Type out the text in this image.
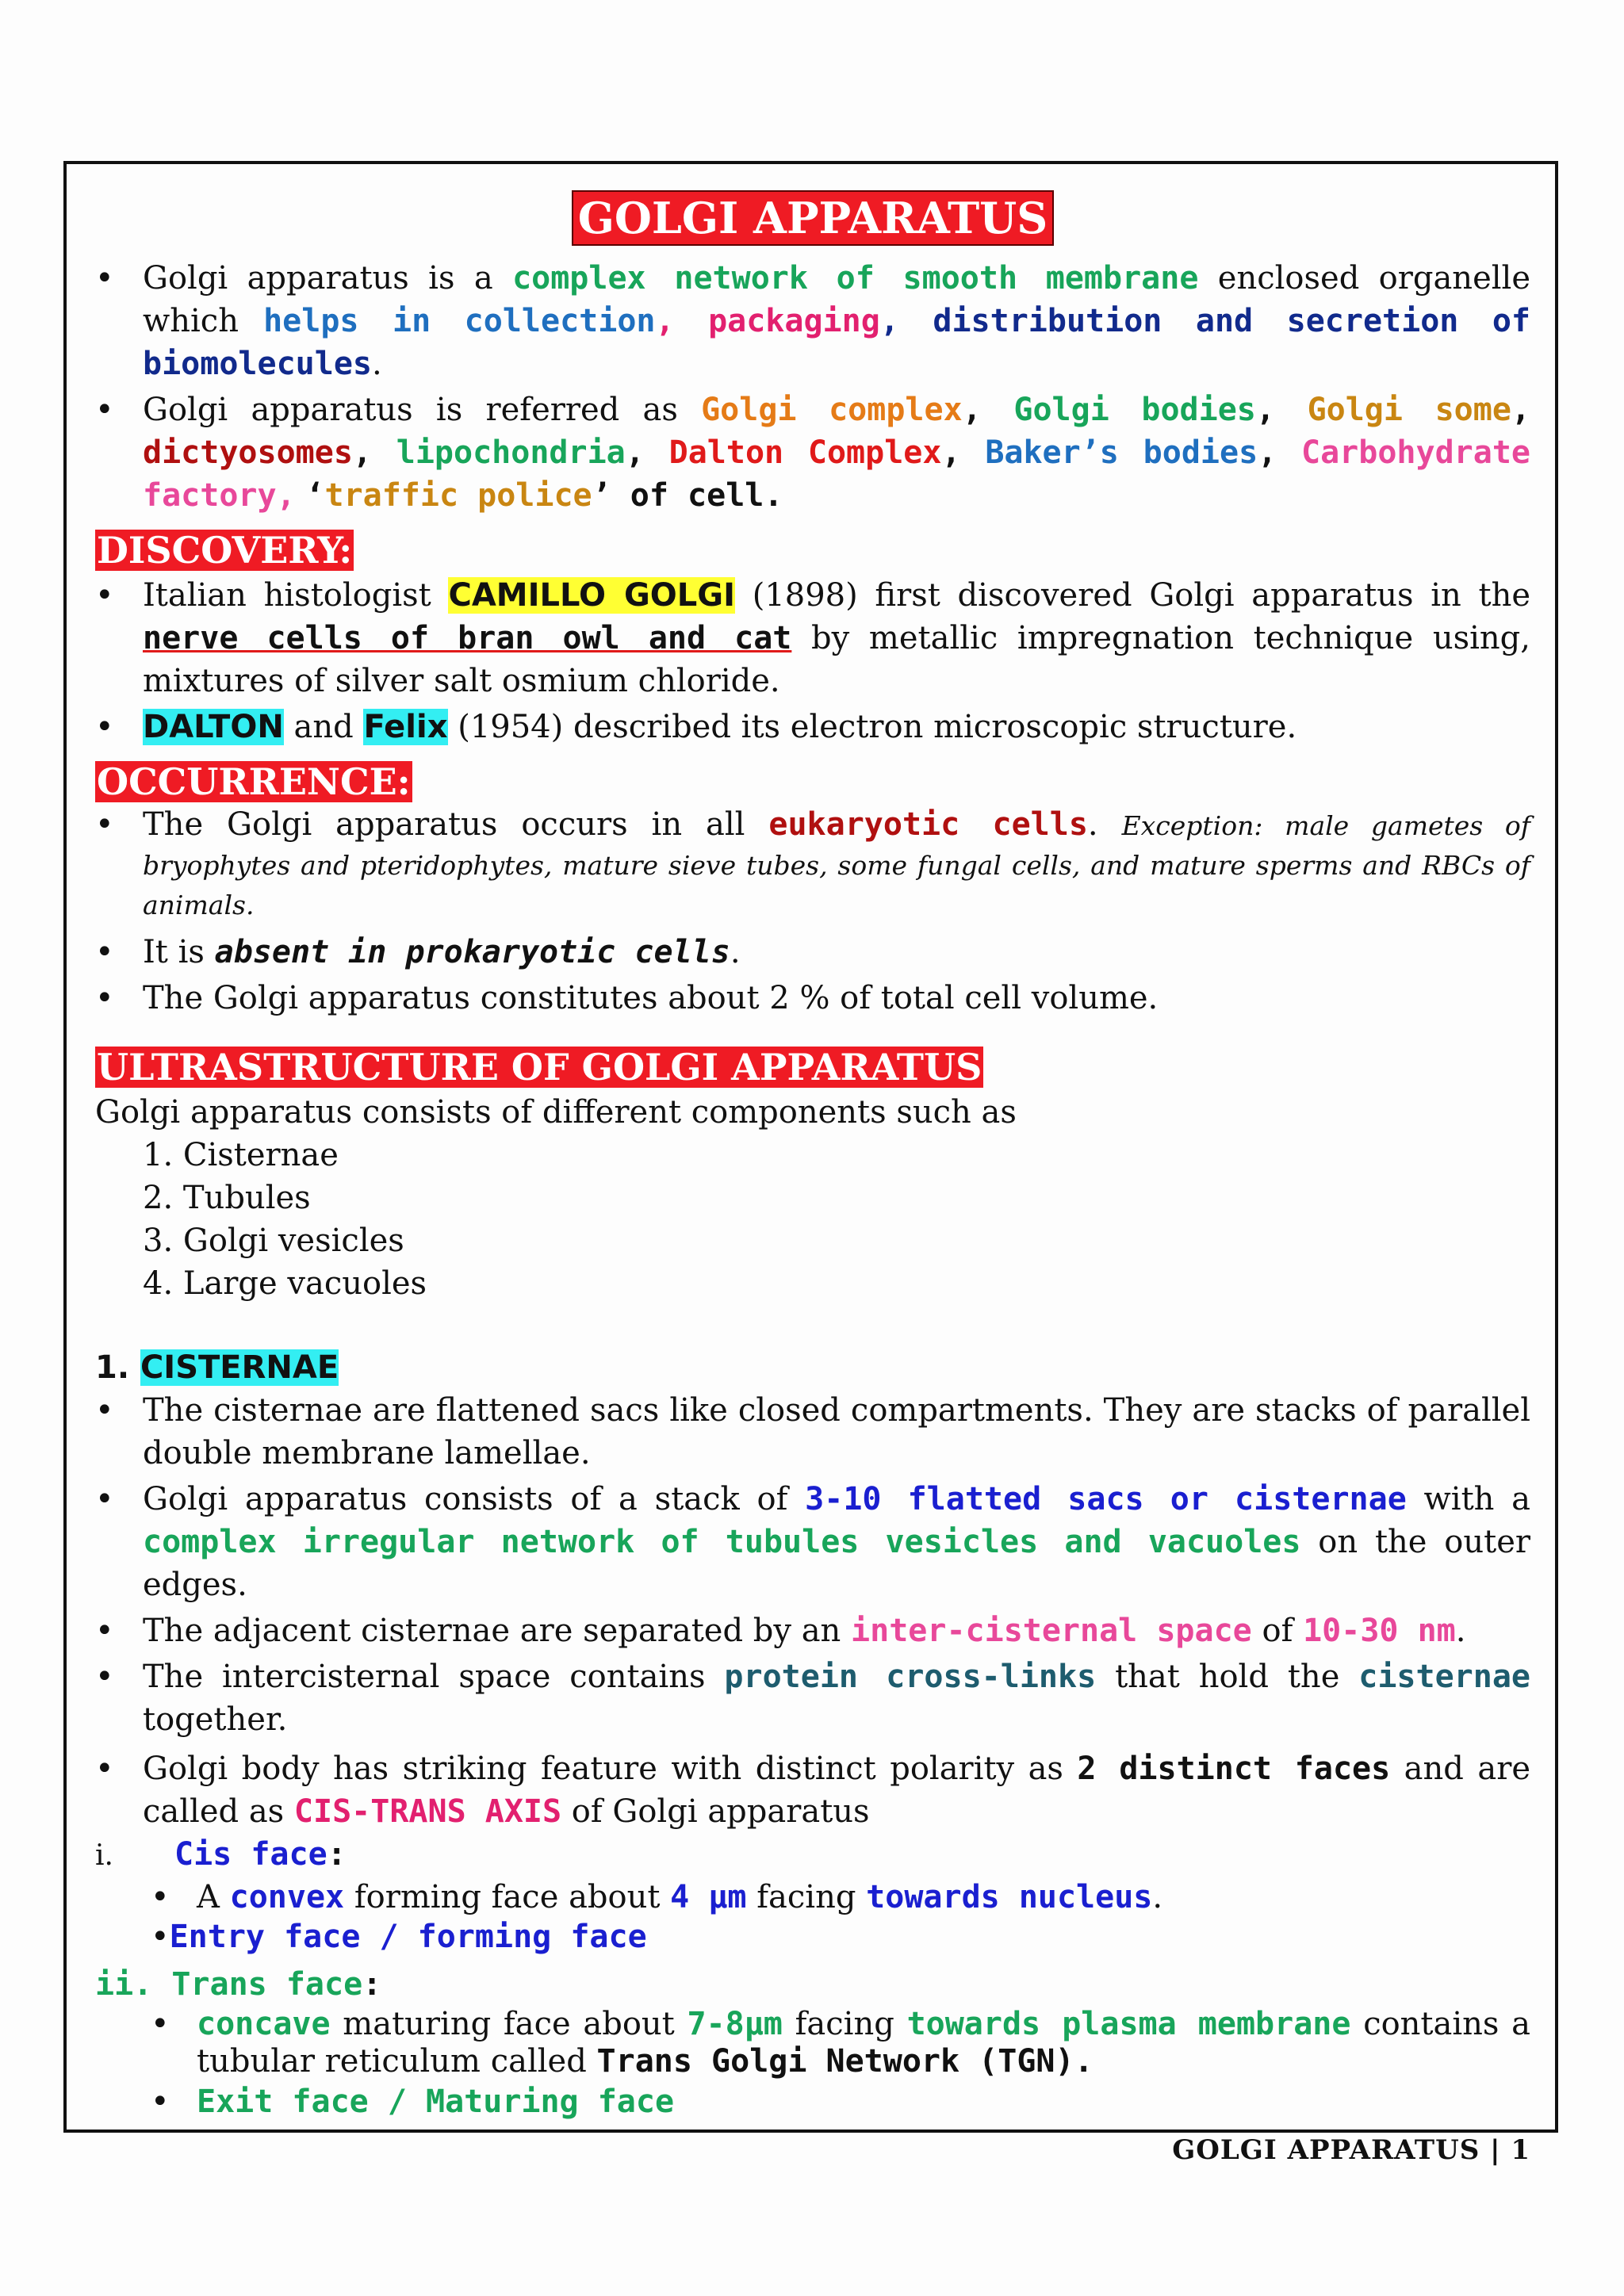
GOLGI APPARATUS
• Golgi apparatus is a complex network of smooth membrane enclosed organelle which helps in collection, packaging, distribution and secretion of biomolecules.
• Golgi apparatus is referred as Golgi complex, Golgi bodies, Golgi some, dictyosomes, lipochondria, Dalton Complex, Baker’s bodies, Carbohydrate factory, ‘traffic police’ of cell.
DISCOVERY:
• Italian histologist CAMILLO GOLGI (1898) first discovered Golgi apparatus in the nerve cells of bran owl and cat by metallic impregnation technique using, mixtures of silver salt osmium chloride.
• DALTON and Felix (1954) described its electron microscopic structure.
OCCURRENCE:
• The Golgi apparatus occurs in all eukaryotic cells. Exception: male gametes of bryophytes and pteridophytes, mature sieve tubes, some fungal cells, and mature sperms and RBCs of animals.
• It is absent in prokaryotic cells.
• The Golgi apparatus constitutes about 2 % of total cell volume.
ULTRASTRUCTURE OF GOLGI APPARATUS
Golgi apparatus consists of different components such as
1. Cisternae
2. Tubules
3. Golgi vesicles
4. Large vacuoles
1. CISTERNAE
• The cisternae are flattened sacs like closed compartments. They are stacks of parallel double membrane lamellae.
• Golgi apparatus consists of a stack of 3-10 flatted sacs or cisternae with a complex irregular network of tubules vesicles and vacuoles on the outer edges.
• The adjacent cisternae are separated by an inter-cisternal space of 10-30 nm.
• The intercisternal space contains protein cross-links that hold the cisternae together.
• Golgi body has striking feature with distinct polarity as 2 distinct faces and are called as CIS-TRANS AXIS of Golgi apparatus
i. Cis face:
• A convex forming face about 4 µm facing towards nucleus.
•Entry face / forming face
ii. Trans face:
• concave maturing face about 7-8µm facing towards plasma membrane contains a tubular reticulum called Trans Golgi Network (TGN).
• Exit face / Maturing face
GOLGI APPARATUS | 1
